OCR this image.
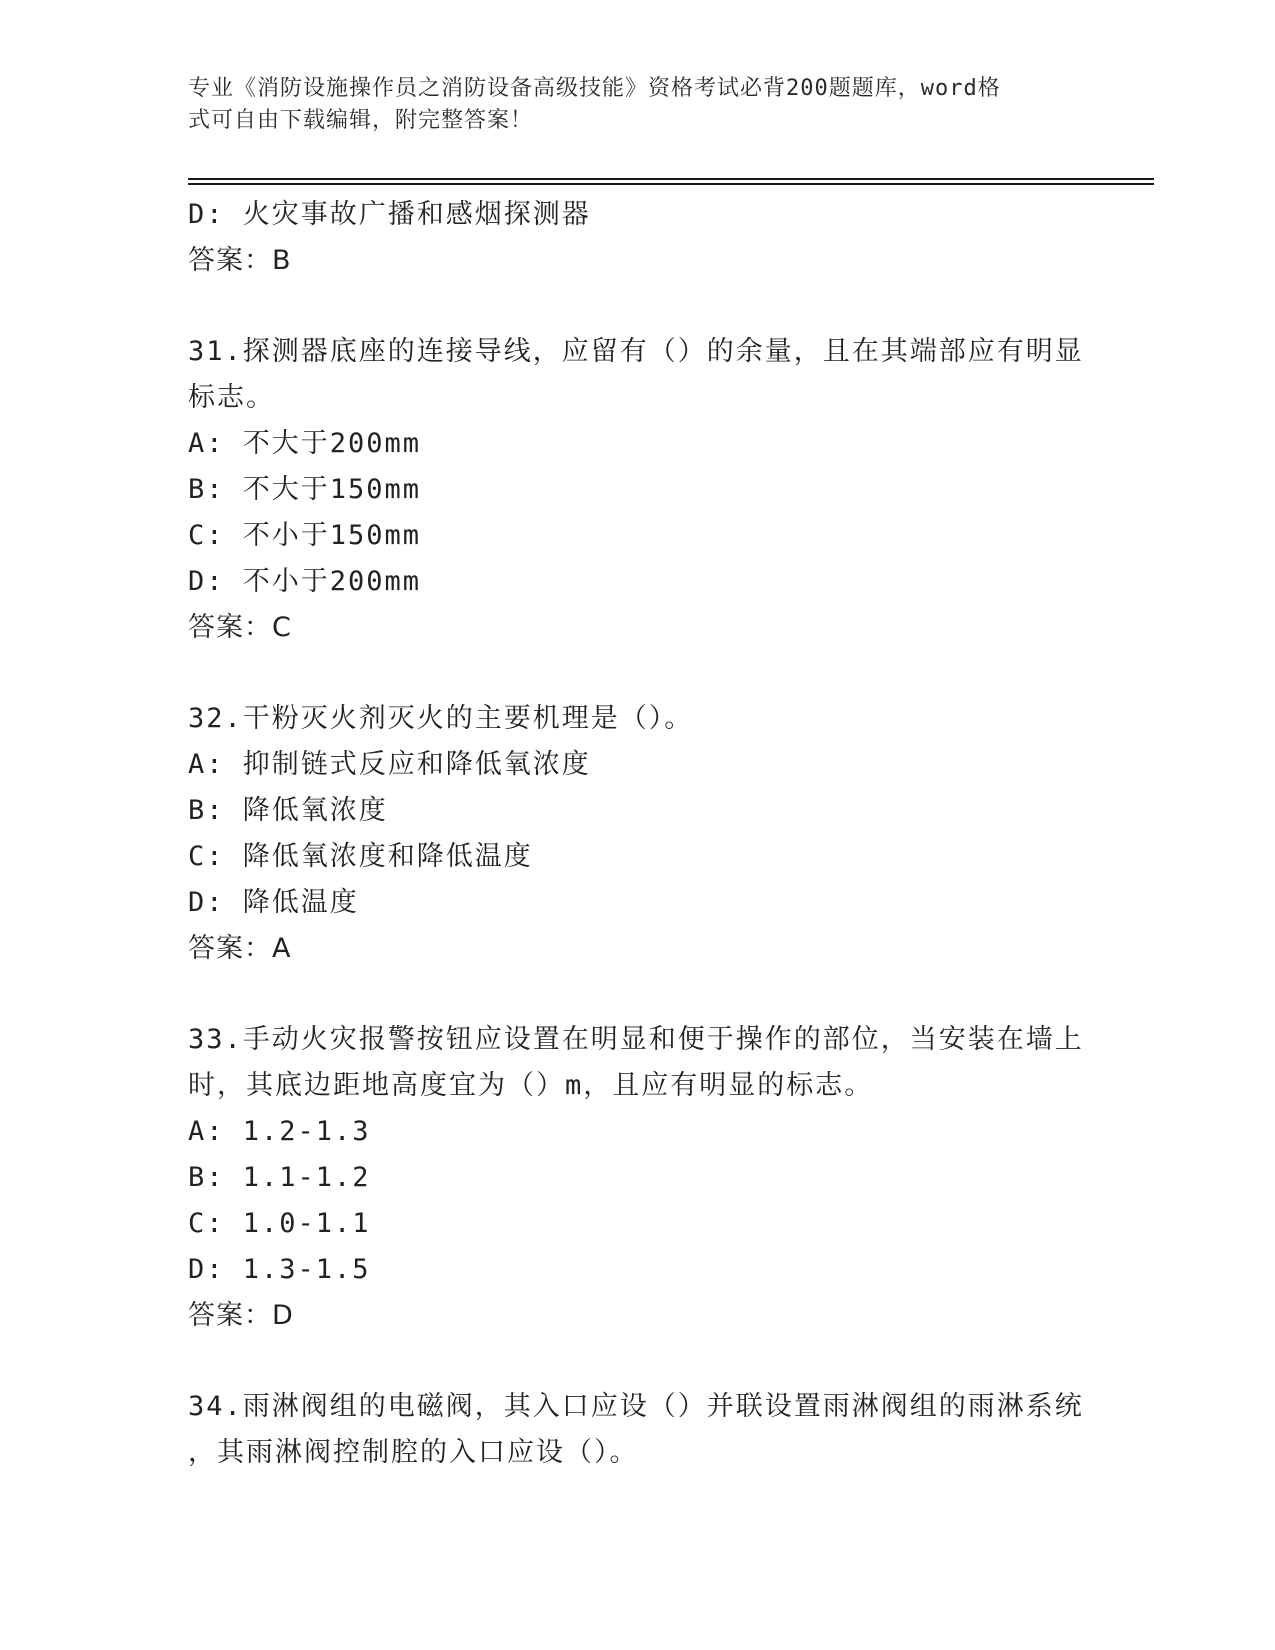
专业《消防设施操作员之消防设备高级技能》资格考试必背200题题库，word格
式可自由下载编辑，附完整答案！
D: 火灾事故广播和感烟探测器
答案：B
31.探测器底座的连接导线，应留有（）的余量，且在其端部应有明显
标志。
A: 不大于200mm
B: 不大于150mm
C: 不小于150mm
D: 不小于200mm
答案：C
32.干粉灭火剂灭火的主要机理是（）。
A: 抑制链式反应和降低氧浓度
B: 降低氧浓度
C: 降低氧浓度和降低温度
D: 降低温度
答案：A
33.手动火灾报警按钮应设置在明显和便于操作的部位，当安装在墙上
时，其底边距地高度宜为（）m，且应有明显的标志。
A: 1.2-1.3
B: 1.1-1.2
C: 1.0-1.1
D: 1.3-1.5
答案：D
34.雨淋阀组的电磁阀，其入口应设（）并联设置雨淋阀组的雨淋系统
，其雨淋阀控制腔的入口应设（）。
